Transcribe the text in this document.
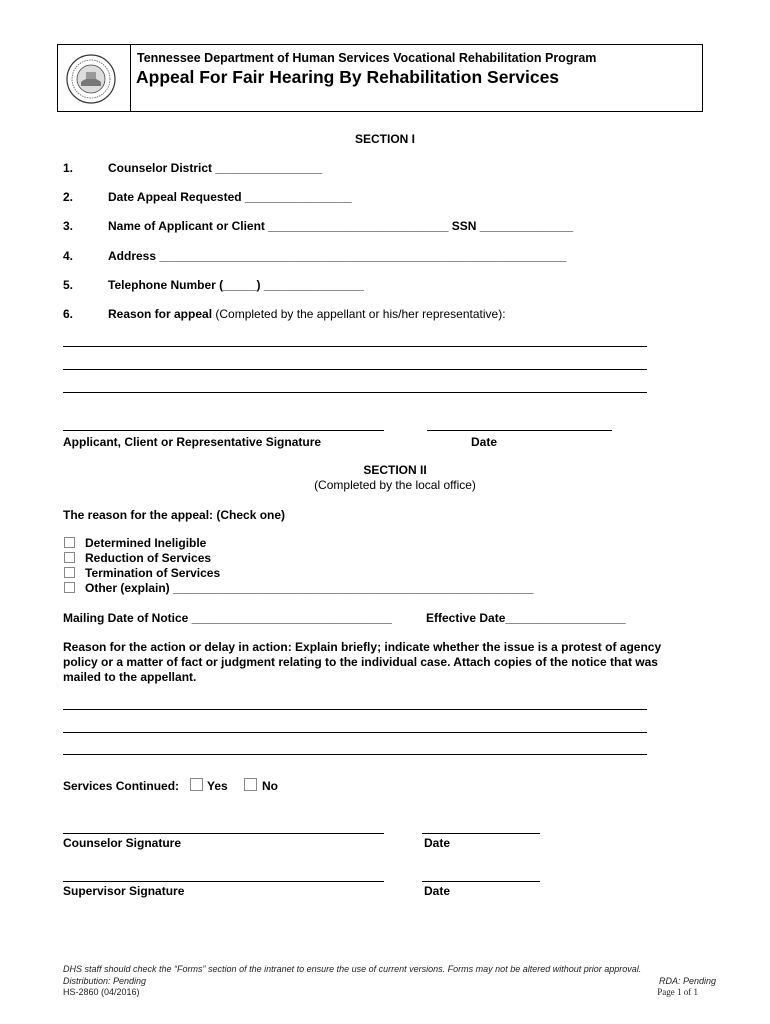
Tennessee Department of Human Services Vocational Rehabilitation Program
Appeal For Fair Hearing By Rehabilitation Services
SECTION I
1.	Counselor District ________________
2.	Date Appeal Requested ________________
3.	Name of Applicant or Client ___________________________ SSN ______________
4.	Address _____________________________________________________________
5.	Telephone Number (_____) _______________
6.	Reason for appeal (Completed by the appellant or his/her representative):
Applicant, Client or Representative Signature	Date
SECTION II
(Completed by the local office)
The reason for the appeal: (Check one)
Determined Ineligible
Reduction of Services
Termination of Services
Other (explain) ______________________________________________________
Mailing Date of Notice ______________________________	Effective Date__________________
Reason for the action or delay in action: Explain briefly; indicate whether the issue is a protest of agency
policy or a matter of fact or judgment relating to the individual case. Attach copies of the notice that was
mailed to the appellant.
Services Continued: Yes	No
Counselor Signature	Date
Supervisor Signature	Date
DHS staff should check the “Forms” section of the intranet to ensure the use of current versions. Forms may not be altered without prior approval.
Distribution: Pending
HS-2860 (04/2016)
RDA: Pending
Page 1 of 1
